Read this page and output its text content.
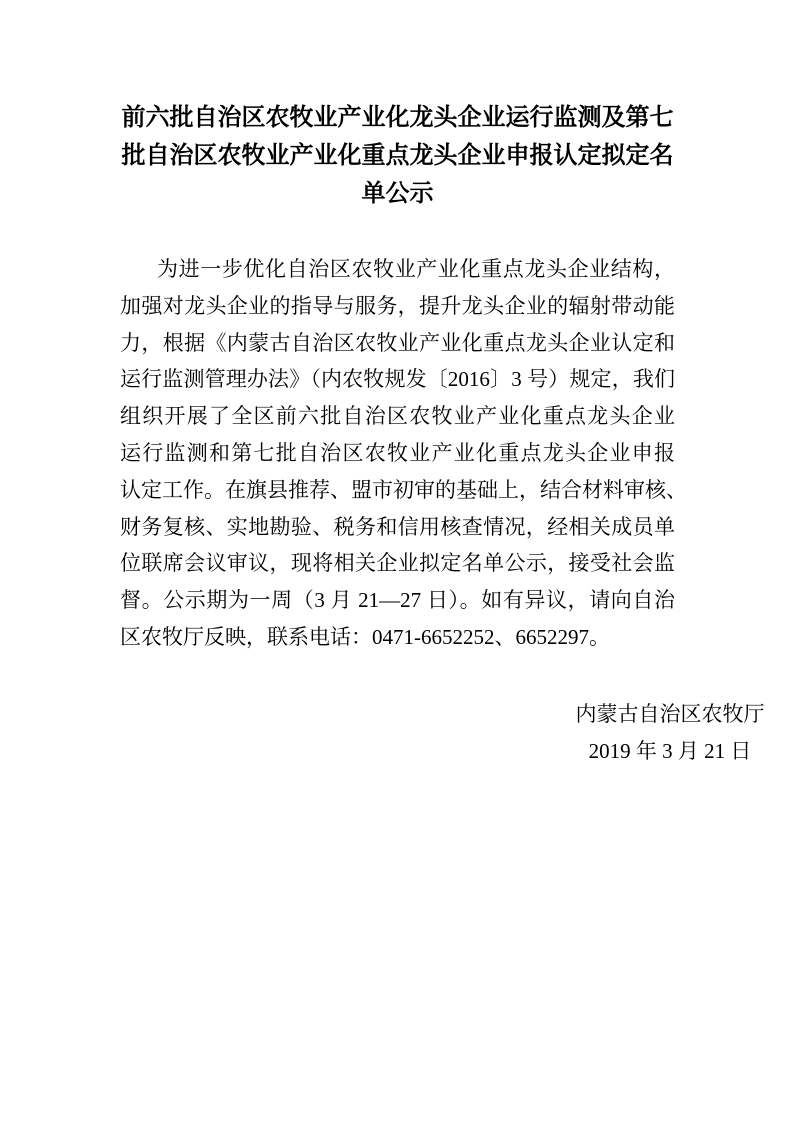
前六批自治区农牧业产业化龙头企业运行监测及第七
批自治区农牧业产业化重点龙头企业申报认定拟定名
单公示

为进一步优化自治区农牧业产业化重点龙头企业结构，

加强对龙头企业的指导与服务，提升龙头企业的辐射带动能

力，根据《内蒙古自治区农牧业产业化重点龙头企业认定和

运行监测管理办法》（内农牧规发〔2016〕3 号）规定，我们

组织开展了全区前六批自治区农牧业产业化重点龙头企业

运行监测和第七批自治区农牧业产业化重点龙头企业申报

认定工作。在旗县推荐、盟市初审的基础上，结合材料审核、

财务复核、实地勘验、税务和信用核查情况，经相关成员单

位联席会议审议，现将相关企业拟定名单公示，接受社会监

督。公示期为一周（3 月 21—27 日）。如有异议，请向自治

区农牧厅反映，联系电话：0471-6652252、6652297。

内蒙古自治区农牧厅

2019 年 3 月 21 日
